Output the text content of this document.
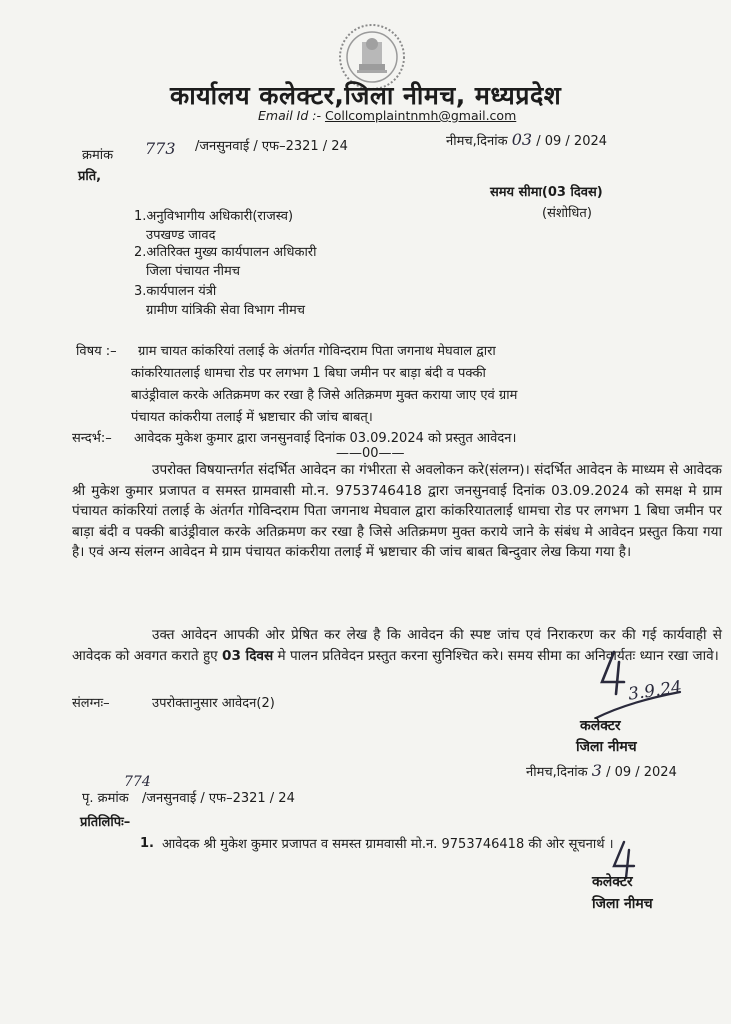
कार्यालय कलेक्टर,जिला नीमच, मध्यप्रदेश
Email Id :- Collcomplaintnmh@gmail.com
क्रमांक 773 /जनसुनवाई / एफ–2321 / 24	नीमच,दिनांक 03 / 09 / 2024
प्रति,
समय सीमा(03 दिवस)
(संशोधित)
1.अनुविभागीय अधिकारी(राजस्व)
उपखण्ड जावद
2.अतिरिक्त मुख्य कार्यपालन अधिकारी
जिला पंचायत नीमच
3.कार्यपालन यंत्री
ग्रामीण यांत्रिकी सेवा विभाग नीमच
विषय :– ग्राम चायत कांकरियां तलाई के अंतर्गत गोविन्दराम पिता जगनाथ मेघवाल द्वारा
कांकरियातलाई धामचा रोड पर लगभग 1 बिघा जमीन पर बाड़ा बंदी व पक्की
बाउंड्रीवाल करके अतिक्रमण कर रखा है जिसे अतिक्रमण मुक्त कराया जाए एवं ग्राम
पंचायत कांकरीया तलाई में भ्रष्टाचार की जांच बाबत्।
सन्दर्भ:– आवेदक मुकेश कुमार द्वारा जनसुनवाई दिनांक 03.09.2024 को प्रस्तुत आवेदन।
——00——

उपरोक्त विषयान्तर्गत संदर्भित आवेदन का गंभीरता से अवलोकन करे(संलग्न)। संदर्भित आवेदन के माध्यम से आवेदक श्री मुकेश कुमार प्रजापत व समस्त ग्रामवासी मो.न. 9753746418 द्वारा जनसुनवाई दिनांक 03.09.2024 को समक्ष मे ग्राम पंचायत कांकरियां तलाई के अंतर्गत गोविन्दराम पिता जगनाथ मेघवाल द्वारा कांकरियातलाई धामचा रोड पर लगभग 1 बिघा जमीन पर बाड़ा बंदी व पक्की बाउंड्रीवाल करके अतिक्रमण कर रखा है जिसे अतिक्रमण मुक्त कराये जाने के संबंध मे आवेदन प्रस्तुत किया गया है। एवं अन्य संलग्न आवेदन मे ग्राम पंचायत कांकरीया तलाई में भ्रष्टाचार की जांच बाबत बिन्दुवार लेख किया गया है।

उक्त आवेदन आपकी ओर प्रेषित कर लेख है कि आवेदन की स्पष्ट जांच एवं निराकरण कर की गई कार्यवाही से आवेदक को अवगत कराते हुए 03 दिवस मे पालन प्रतिवेदन प्रस्तुत करना सुनिश्चित करे। समय सीमा का अनिवार्यतः ध्यान रखा जावे।

संलग्नः–	उपरोक्तानुसार आवेदन(2)	3.9.24
कलेक्टर
जिला नीमच
नीमच,दिनांक 3 / 09 / 2024
774
पृ. क्रमांक /जनसुनवाई / एफ–2321 / 24
प्रतिलिपिः–
1. आवेदक श्री मुकेश कुमार प्रजापत व समस्त ग्रामवासी मो.न. 9753746418 की ओर सूचनार्थ ।
कलेक्टर
जिला नीमच
